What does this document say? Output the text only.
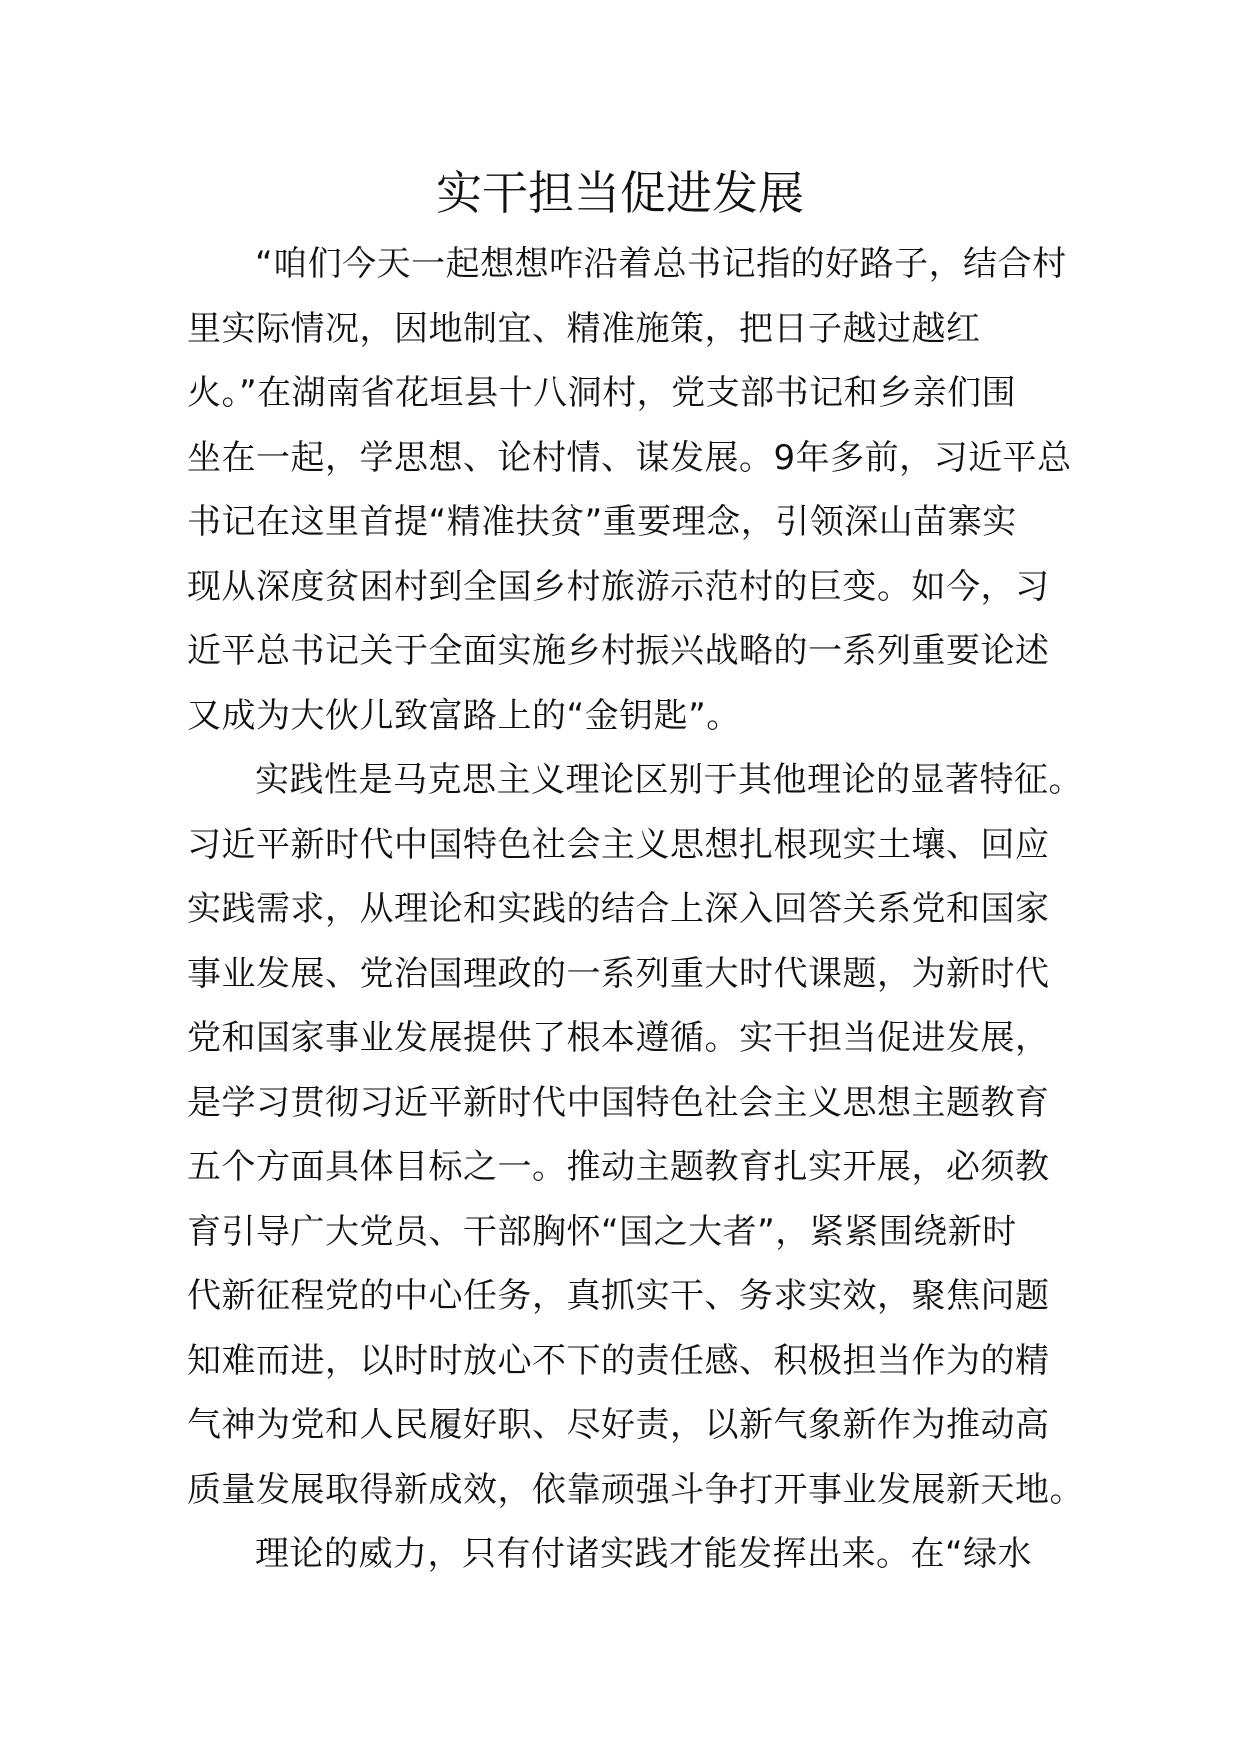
实干担当促进发展
“咱们今天一起想想咋沿着总书记指的好路子，结合村
里实际情况，因地制宜、精准施策，把日子越过越红
火。”在湖南省花垣县十八洞村，党支部书记和乡亲们围
坐在一起，学思想、论村情、谋发展。9年多前，习近平总
书记在这里首提“精准扶贫”重要理念，引领深山苗寨实
现从深度贫困村到全国乡村旅游示范村的巨变。如今，习
近平总书记关于全面实施乡村振兴战略的一系列重要论述
又成为大伙儿致富路上的“金钥匙”。
实践性是马克思主义理论区别于其他理论的显著特征。
习近平新时代中国特色社会主义思想扎根现实土壤、回应
实践需求，从理论和实践的结合上深入回答关系党和国家
事业发展、党治国理政的一系列重大时代课题，为新时代
党和国家事业发展提供了根本遵循。实干担当促进发展，
是学习贯彻习近平新时代中国特色社会主义思想主题教育
五个方面具体目标之一。推动主题教育扎实开展，必须教
育引导广大党员、干部胸怀“国之大者”，紧紧围绕新时
代新征程党的中心任务，真抓实干、务求实效，聚焦问题
知难而进，以时时放心不下的责任感、积极担当作为的精
气神为党和人民履好职、尽好责，以新气象新作为推动高
质量发展取得新成效，依靠顽强斗争打开事业发展新天地。
理论的威力，只有付诸实践才能发挥出来。在“绿水
